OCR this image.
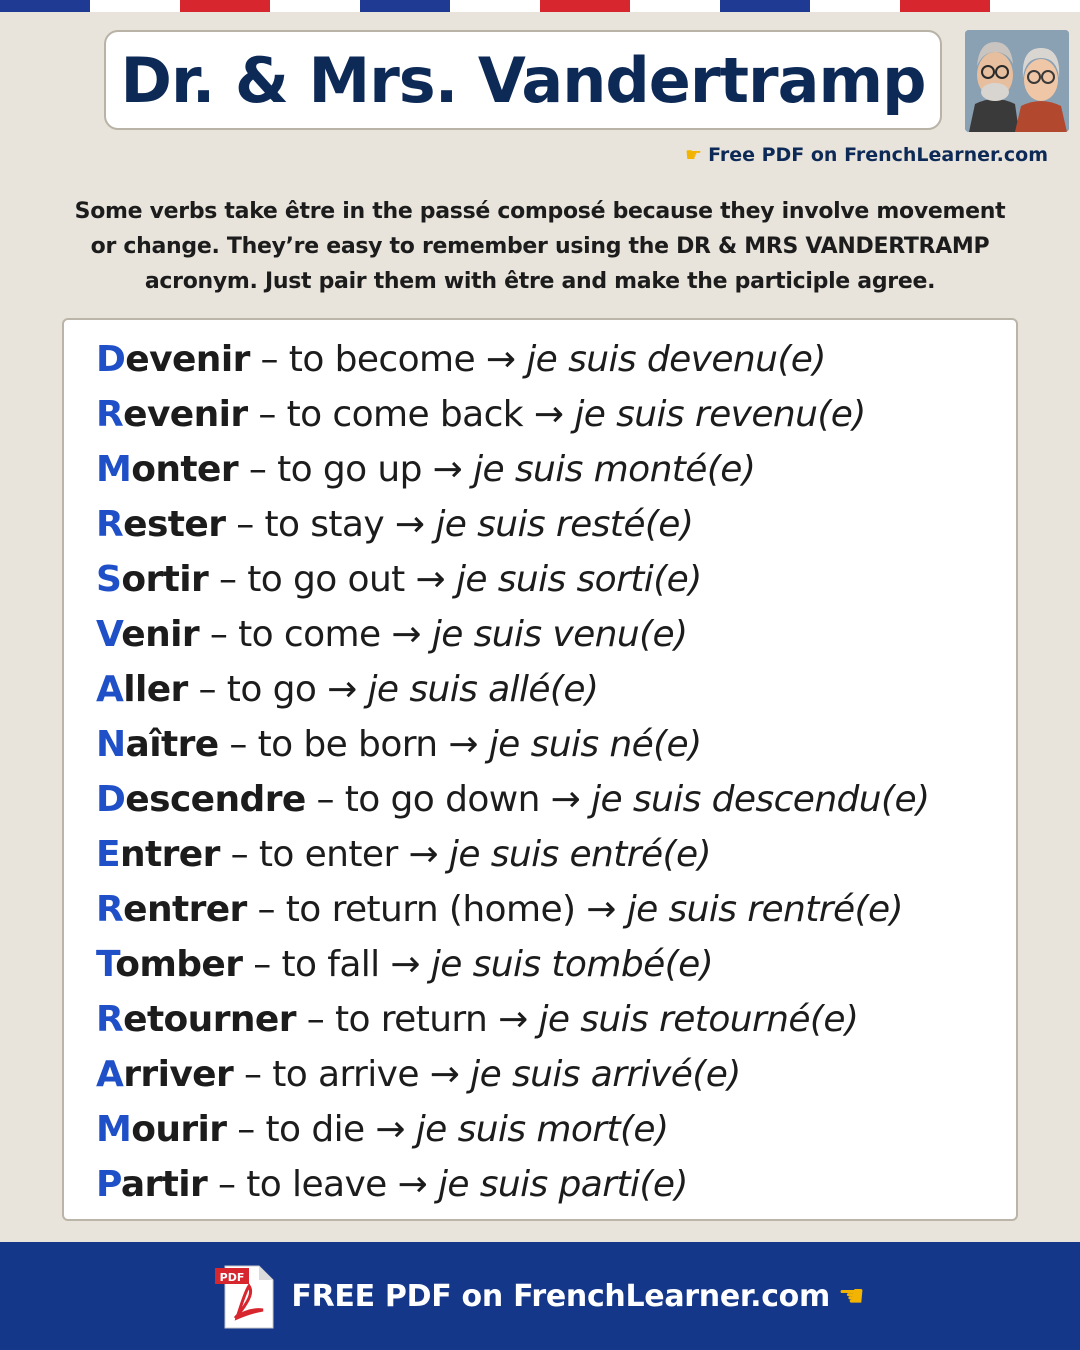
Dr. & Mrs. Vandertramp
☛ Free PDF on FrenchLearner.com
Some verbs take être in the passé composé because they involve movement or change. They’re easy to remember using the DR & MRS VANDERTRAMP acronym. Just pair them with être and make the participle agree.
Devenir – to become → je suis devenu(e)
Revenir – to come back → je suis revenu(e)
Monter – to go up → je suis monté(e)
Rester – to stay → je suis resté(e)
Sortir – to go out → je suis sorti(e)
Venir – to come → je suis venu(e)
Aller – to go → je suis allé(e)
Naître – to be born → je suis né(e)
Descendre – to go down → je suis descendu(e)
Entrer – to enter → je suis entré(e)
Rentrer – to return (home) → je suis rentré(e)
Tomber – to fall → je suis tombé(e)
Retourner – to return → je suis retourné(e)
Arriver – to arrive → je suis arrivé(e)
Mourir – to die → je suis mort(e)
Partir – to leave → je suis parti(e)
PDF
FREE PDF on FrenchLearner.com ☚
